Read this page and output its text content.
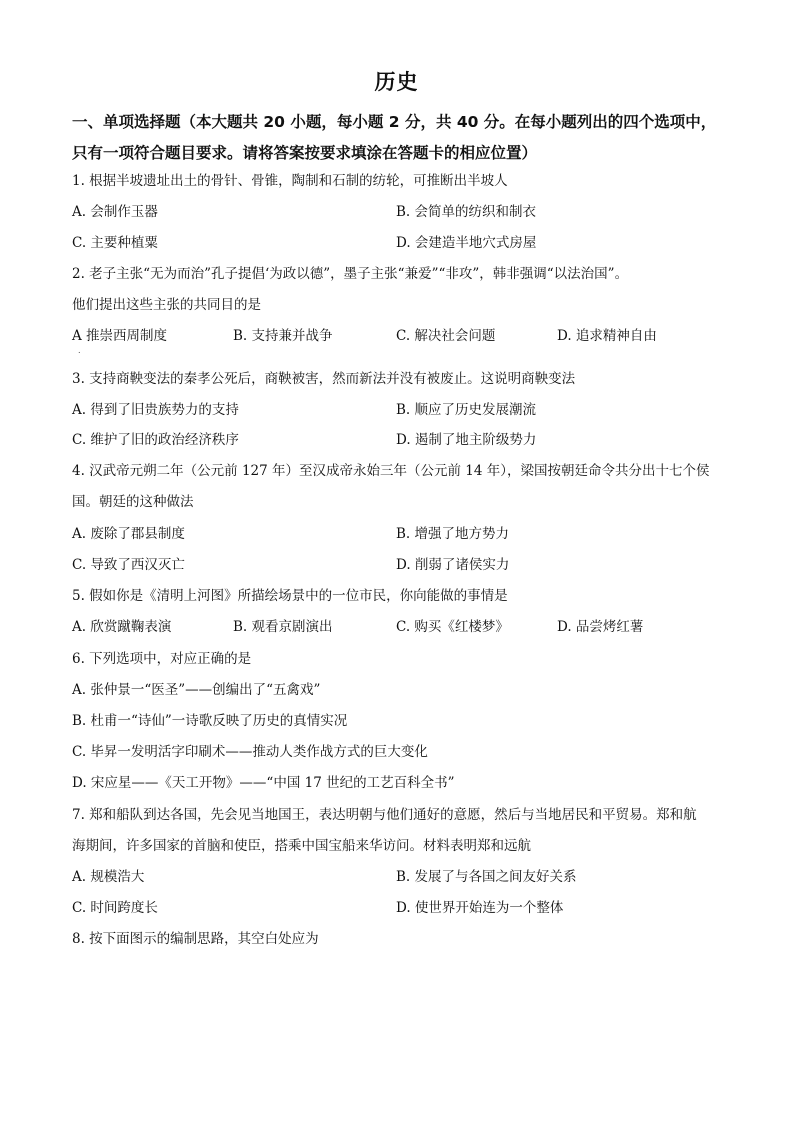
历史
一、单项选择题（本大题共 20 小题，每小题 2 分，共 40 分。在每小题列出的四个选项中，
只有一项符合题目要求。请将答案按要求填涂在答题卡的相应位置）
1. 根据半坡遗址出土的骨针、骨锥，陶制和石制的纺轮，可推断出半坡人
A. 会制作玉器	B. 会简单的纺织和制衣
C. 主要种植粟	D. 会建造半地穴式房屋
2. 老子主张“无为而治”孔子提倡‘为政以德”，墨子主张“兼爱”“非攻”，韩非强调“以法治国”。
他们提出这些主张的共同目的是
A 推崇西周制度	B. 支持兼并战争	C. 解决社会问题	D. 追求精神自由
.
3. 支持商鞅变法的秦孝公死后，商鞅被害，然而新法并没有被废止。这说明商鞅变法
A. 得到了旧贵族势力的支持	B. 顺应了历史发展潮流
C. 维护了旧的政治经济秩序	D. 遏制了地主阶级势力
4. 汉武帝元朔二年（公元前 127 年）至汉成帝永始三年（公元前 14 年），梁国按朝廷命令共分出十七个侯
国。朝廷的这种做法
A. 废除了郡县制度	B. 增强了地方势力
C. 导致了西汉灭亡	D. 削弱了诸侯实力
5. 假如你是《清明上河图》所描绘场景中的一位市民，你向能做的事情是
A. 欣赏蹴鞠表演	B. 观看京剧演出	C. 购买《红楼梦》	D. 品尝烤红薯
6. 下列选项中，对应正确的是
A. 张仲景一“医圣”——创编出了“五禽戏”
B. 杜甫一“诗仙”一诗歌反映了历史的真情实况
C. 毕昇一发明活字印刷术——推动人类作战方式的巨大变化
D. 宋应星——《天工开物》——“中国 17 世纪的工艺百科全书”
7. 郑和船队到达各国，先会见当地国王，表达明朝与他们通好的意愿，然后与当地居民和平贸易。郑和航
海期间，许多国家的首脑和使臣，搭乘中国宝船来华访问。材料表明郑和远航
A. 规模浩大	B. 发展了与各国之间友好关系
C. 时间跨度长	D. 使世界开始连为一个整体
8. 按下面图示的编制思路，其空白处应为
